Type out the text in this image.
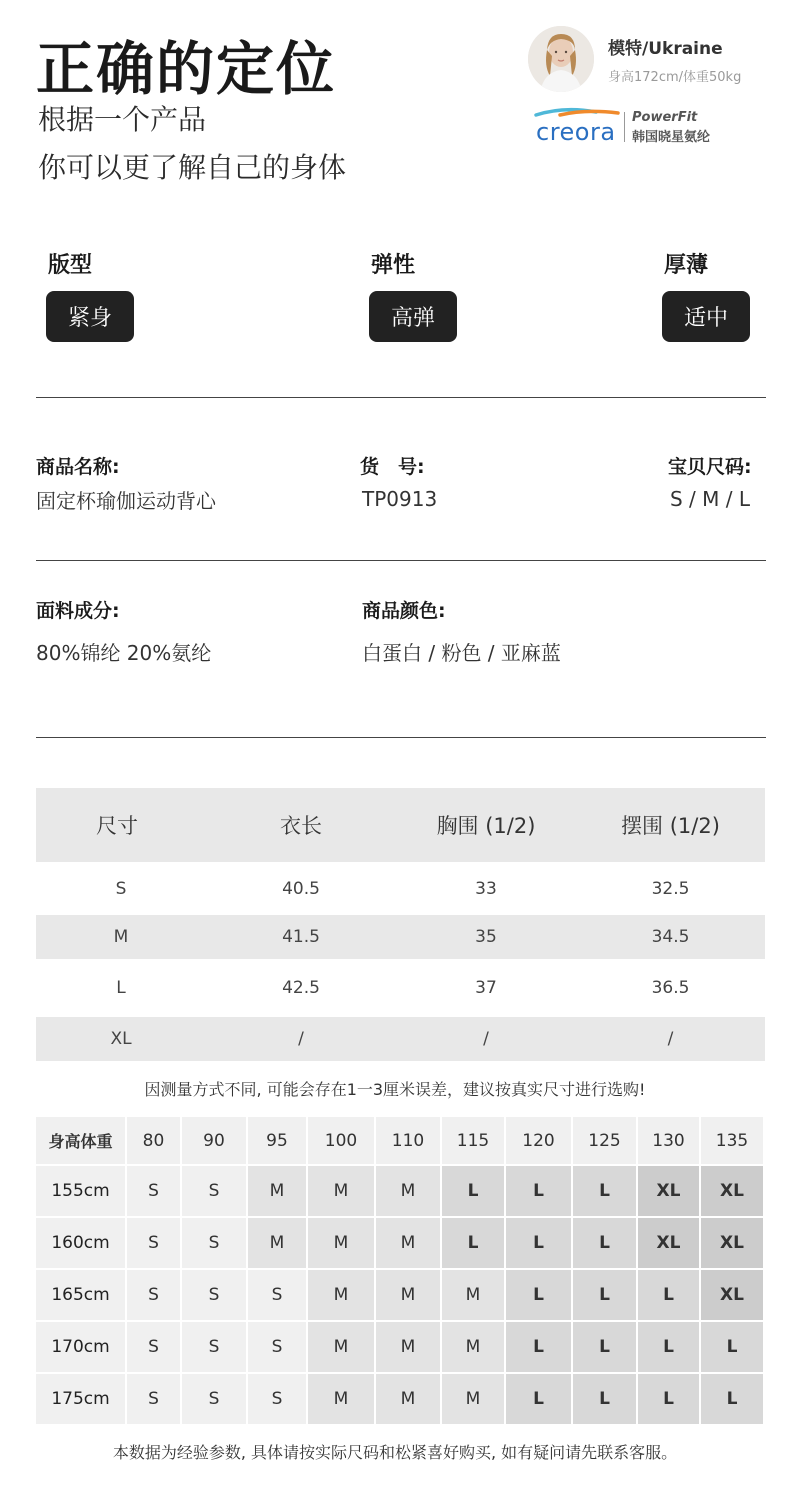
正确的定位
根据一个产品
你可以更了解自己的身体
模特/Ukraine
身高172cm/体重50kg
creora
PowerFit
韩国晓星氨纶
版型
紧身
弹性
高弹
厚薄
适中
商品名称:
固定杯瑜伽运动背心
货　号:
TP0913
宝贝尺码:
S / M / L
面料成分:
80%锦纶 20%氨纶
商品颜色:
白蛋白 / 粉色 / 亚麻蓝
尺寸	衣长	胸围 (1/2)	摆围 (1/2)
S	40.5	33	32.5
M	41.5	35	34.5
L	42.5	37	36.5
XL	/	/	/
因测量方式不同, 可能会存在1一3厘米误差，建议按真实尺寸进行选购!
身高体重	80	90	95	100	110	115	120	125	130	135
155cm	S	S	M	M	M	L	L	L	XL	XL
160cm	S	S	M	M	M	L	L	L	XL	XL
165cm	S	S	S	M	M	M	L	L	L	XL
170cm	S	S	S	M	M	M	L	L	L	L
175cm	S	S	S	M	M	M	L	L	L	L
本数据为经验参数, 具体请按实际尺码和松紧喜好购买, 如有疑问请先联系客服。
